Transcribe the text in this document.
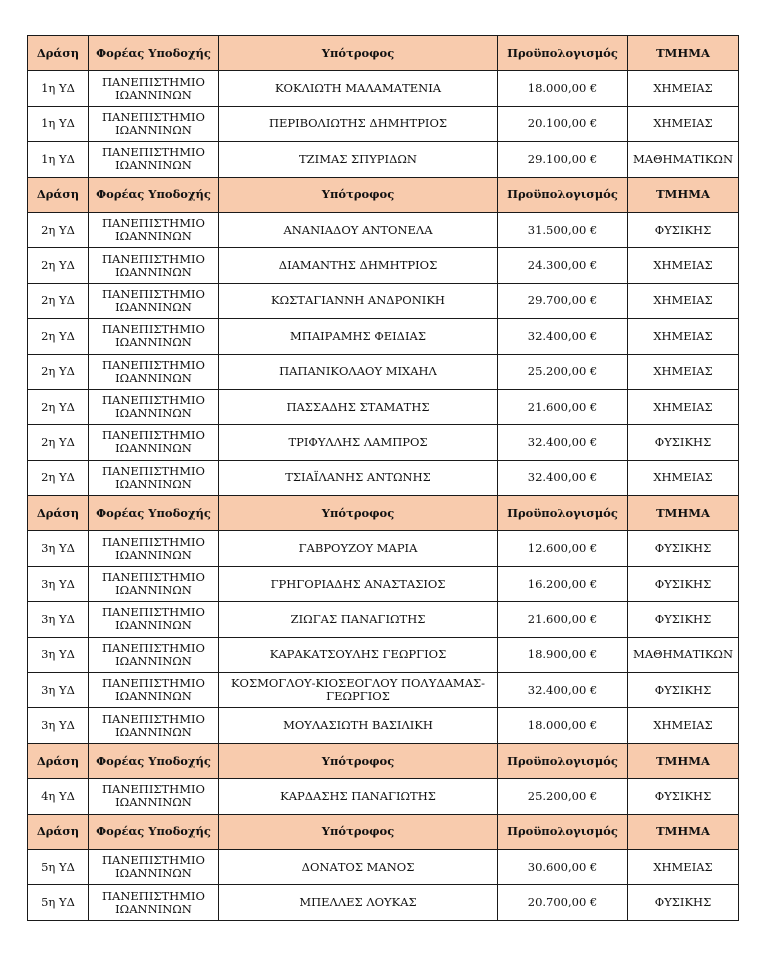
Δράση	Φορέας Υποδοχής	Υπότροφος	Προϋπολογισμός	ΤΜΗΜΑ
1η ΥΔ	ΠΑΝΕΠΙΣΤΗΜΙΟ ΙΩΑΝΝΙΝΩΝ	ΚΟΚΛΙΩΤΗ ΜΑΛΑΜΑΤΕΝΙΑ	18.000,00 €	ΧΗΜΕΙΑΣ
1η ΥΔ	ΠΑΝΕΠΙΣΤΗΜΙΟ ΙΩΑΝΝΙΝΩΝ	ΠΕΡΙΒΟΛΙΩΤΗΣ ΔΗΜΗΤΡΙΟΣ	20.100,00 €	ΧΗΜΕΙΑΣ
1η ΥΔ	ΠΑΝΕΠΙΣΤΗΜΙΟ ΙΩΑΝΝΙΝΩΝ	ΤΖΙΜΑΣ ΣΠΥΡΙΔΩΝ	29.100,00 €	ΜΑΘΗΜΑΤΙΚΩΝ
Δράση	Φορέας Υποδοχής	Υπότροφος	Προϋπολογισμός	ΤΜΗΜΑ
2η ΥΔ	ΠΑΝΕΠΙΣΤΗΜΙΟ ΙΩΑΝΝΙΝΩΝ	ΑΝΑΝΙΑΔΟΥ ΑΝΤΟΝΕΛΑ	31.500,00 €	ΦΥΣΙΚΗΣ
2η ΥΔ	ΠΑΝΕΠΙΣΤΗΜΙΟ ΙΩΑΝΝΙΝΩΝ	ΔΙΑΜΑΝΤΗΣ ΔΗΜΗΤΡΙΟΣ	24.300,00 €	ΧΗΜΕΙΑΣ
2η ΥΔ	ΠΑΝΕΠΙΣΤΗΜΙΟ ΙΩΑΝΝΙΝΩΝ	ΚΩΣΤΑΓΙΑΝΝΗ ΑΝΔΡΟΝΙΚΗ	29.700,00 €	ΧΗΜΕΙΑΣ
2η ΥΔ	ΠΑΝΕΠΙΣΤΗΜΙΟ ΙΩΑΝΝΙΝΩΝ	ΜΠΑΙΡΑΜΗΣ ΦΕΙΔΙΑΣ	32.400,00 €	ΧΗΜΕΙΑΣ
2η ΥΔ	ΠΑΝΕΠΙΣΤΗΜΙΟ ΙΩΑΝΝΙΝΩΝ	ΠΑΠΑΝΙΚΟΛΑΟΥ ΜΙΧΑΗΛ	25.200,00 €	ΧΗΜΕΙΑΣ
2η ΥΔ	ΠΑΝΕΠΙΣΤΗΜΙΟ ΙΩΑΝΝΙΝΩΝ	ΠΑΣΣΑΔΗΣ ΣΤΑΜΑΤΗΣ	21.600,00 €	ΧΗΜΕΙΑΣ
2η ΥΔ	ΠΑΝΕΠΙΣΤΗΜΙΟ ΙΩΑΝΝΙΝΩΝ	ΤΡΙΦΥΛΛΗΣ ΛΑΜΠΡΟΣ	32.400,00 €	ΦΥΣΙΚΗΣ
2η ΥΔ	ΠΑΝΕΠΙΣΤΗΜΙΟ ΙΩΑΝΝΙΝΩΝ	ΤΣΙΑΪΛΑΝΗΣ ΑΝΤΩΝΗΣ	32.400,00 €	ΧΗΜΕΙΑΣ
Δράση	Φορέας Υποδοχής	Υπότροφος	Προϋπολογισμός	ΤΜΗΜΑ
3η ΥΔ	ΠΑΝΕΠΙΣΤΗΜΙΟ ΙΩΑΝΝΙΝΩΝ	ΓΑΒΡΟΥΖΟΥ ΜΑΡΙΑ	12.600,00 €	ΦΥΣΙΚΗΣ
3η ΥΔ	ΠΑΝΕΠΙΣΤΗΜΙΟ ΙΩΑΝΝΙΝΩΝ	ΓΡΗΓΟΡΙΑΔΗΣ ΑΝΑΣΤΑΣΙΟΣ	16.200,00 €	ΦΥΣΙΚΗΣ
3η ΥΔ	ΠΑΝΕΠΙΣΤΗΜΙΟ ΙΩΑΝΝΙΝΩΝ	ΖΙΩΓΑΣ ΠΑΝΑΓΙΩΤΗΣ	21.600,00 €	ΦΥΣΙΚΗΣ
3η ΥΔ	ΠΑΝΕΠΙΣΤΗΜΙΟ ΙΩΑΝΝΙΝΩΝ	ΚΑΡΑΚΑΤΣΟΥΛΗΣ ΓΕΩΡΓΙΟΣ	18.900,00 €	ΜΑΘΗΜΑΤΙΚΩΝ
3η ΥΔ	ΠΑΝΕΠΙΣΤΗΜΙΟ ΙΩΑΝΝΙΝΩΝ	ΚΟΣΜΟΓΛΟΥ-ΚΙΟΣΕΟΓΛΟΥ ΠΟΛΥΔΑΜΑΣ-ΓΕΩΡΓΙΟΣ	32.400,00 €	ΦΥΣΙΚΗΣ
3η ΥΔ	ΠΑΝΕΠΙΣΤΗΜΙΟ ΙΩΑΝΝΙΝΩΝ	ΜΟΥΛΑΣΙΩΤΗ ΒΑΣΙΛΙΚΗ	18.000,00 €	ΧΗΜΕΙΑΣ
Δράση	Φορέας Υποδοχής	Υπότροφος	Προϋπολογισμός	ΤΜΗΜΑ
4η ΥΔ	ΠΑΝΕΠΙΣΤΗΜΙΟ ΙΩΑΝΝΙΝΩΝ	ΚΑΡΔΑΣΗΣ ΠΑΝΑΓΙΩΤΗΣ	25.200,00 €	ΦΥΣΙΚΗΣ
Δράση	Φορέας Υποδοχής	Υπότροφος	Προϋπολογισμός	ΤΜΗΜΑ
5η ΥΔ	ΠΑΝΕΠΙΣΤΗΜΙΟ ΙΩΑΝΝΙΝΩΝ	ΔΟΝΑΤΟΣ ΜΑΝΟΣ	30.600,00 €	ΧΗΜΕΙΑΣ
5η ΥΔ	ΠΑΝΕΠΙΣΤΗΜΙΟ ΙΩΑΝΝΙΝΩΝ	ΜΠΕΛΛΕΣ ΛΟΥΚΑΣ	20.700,00 €	ΦΥΣΙΚΗΣ
